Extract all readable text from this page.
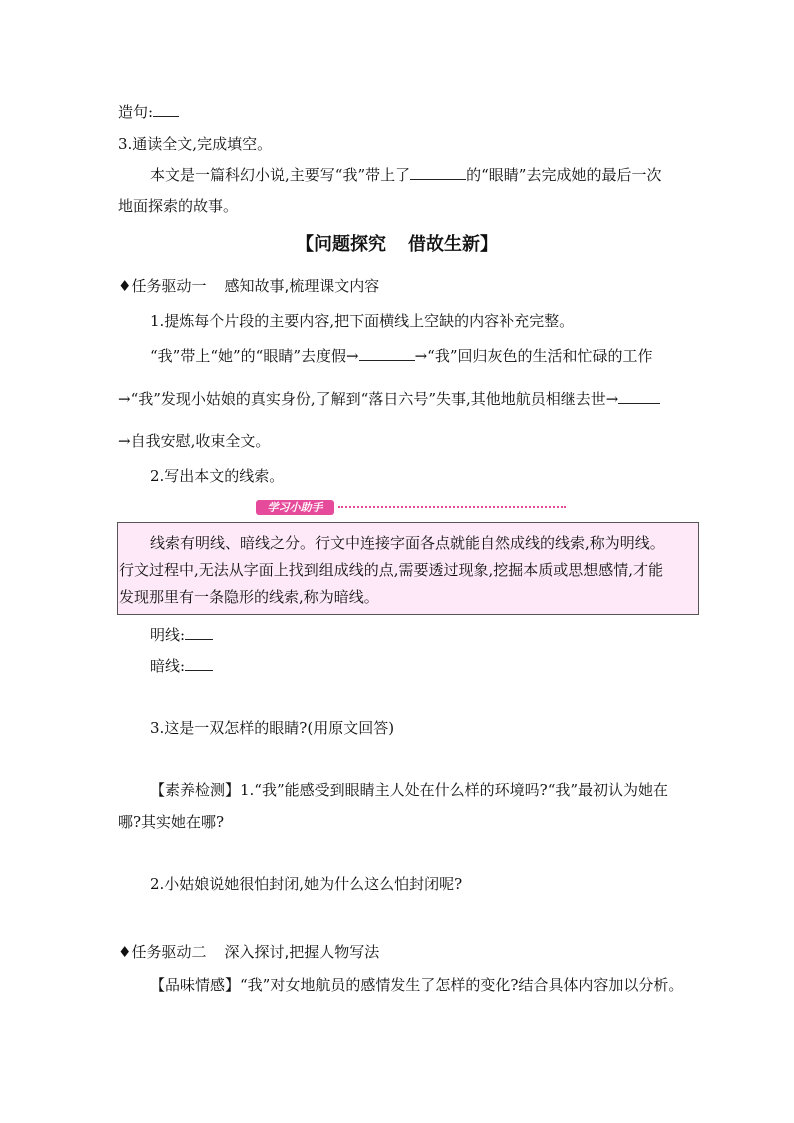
造句:
3.通读全文,完成填空。
本文是一篇科幻小说,主要写“我”带上了	的“眼睛”去完成她的最后一次
地面探索的故事。
【问题探究 借故生新】
♦任务驱动一 感知故事,梳理课文内容
1.提炼每个片段的主要内容,把下面横线上空缺的内容补充完整。
“我”带上“她”的“眼睛”去度假→	→“我”回归灰色的生活和忙碌的工作
→“我”发现小姑娘的真实身份,了解到“落日六号”失事,其他地航员相继去世→
→自我安慰,收束全文。
2.写出本文的线索。
学习小助手
线索有明线、暗线之分。行文中连接字面各点就能自然成线的线索,称为明线。
行文过程中,无法从字面上找到组成线的点,需要透过现象,挖掘本质或思想感情,才能
发现那里有一条隐形的线索,称为暗线。
明线:
暗线:
3.这是一双怎样的眼睛?(用原文回答)
【素养检测】1.“我”能感受到眼睛主人处在什么样的环境吗?“我”最初认为她在
哪?其实她在哪?
2.小姑娘说她很怕封闭,她为什么这么怕封闭呢?
♦任务驱动二 深入探讨,把握人物写法
【品味情感】“我”对女地航员的感情发生了怎样的变化?结合具体内容加以分析。
